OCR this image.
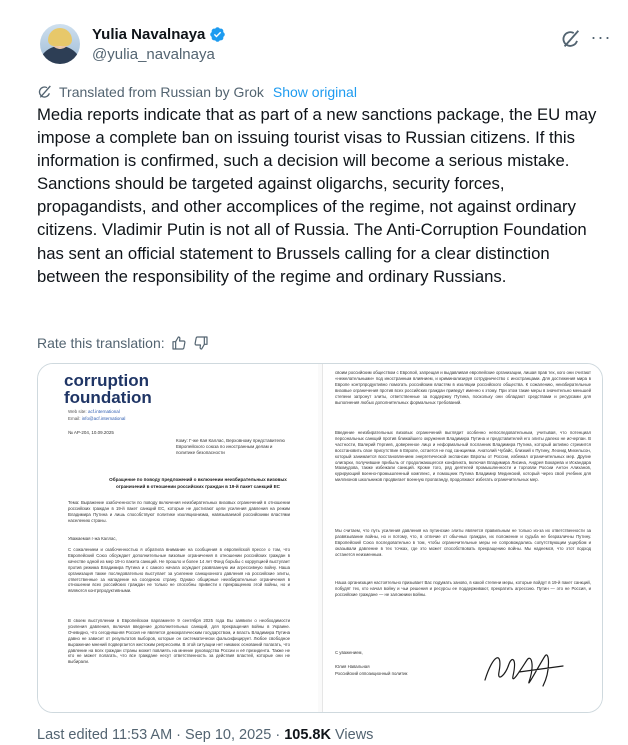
Yulia Navalnaya
@yulia_navalnaya
···
Translated from Russian by Grok Show original
Media reports indicate that as part of a new sanctions package, the EU may impose a complete ban on issuing tourist visas to Russian citizens. If this information is confirmed, such a decision will become a serious mistake. Sanctions should be targeted against oligarchs, security forces, propagandists, and other accomplices of the regime, not against ordinary citizens. Vladimir Putin is not all of Russia. The Anti-Corruption Foundation has sent an official statement to Brussels calling for a clear distinction between the responsibility of the regime and ordinary Russians.
Rate this translation:
corruption
foundation
Web site: acf.international
Email: info@acf.international
№ AP-204, 10.09.2025
Кому: Г-же Кая Каллас, Верховному представителю Европейского союза по иностранным делам и политике безопасности
Обращение по поводу предложений о включении неизбирательных визовых ограничений в отношении российских граждан в 19-й пакет санкций ЕС
Тема: Выражение озабоченности по поводу включения неизбирательных визовых ограничений в отношении российских граждан в 19-й пакет санкций ЕС, которые не достигают цели усиления давления на режим Владимира Путина и лишь способствуют политике изоляционизма, навязываемой российскими властями населению страны.
Уважаемая г-жа Каллас,
С сожалением и озабоченностью я обратила внимание на сообщения в европейской прессе о том, что Европейский Союз обсуждает дополнительные визовые ограничения в отношении российских граждан в качестве одной из мер 19-го пакета санкций. Не прошло и более 14 лет Фонд борьбы с коррупцией выступает против режима Владимира Путина и с самого начала осуждает развязанную им агрессивную войну. Наша организация также последовательно выступает за усиление санкционного давления на российские элиты, ответственные за нападение на соседнюю страну. Однако общирные неизбирательные ограничения в отношении всех российских граждан не только не способны привести к прекращению этой войны, но и являются контрпродуктивными.
В своем выступлении в Европейском парламенте 9 сентября 2025 года Вы заявили о необходимости усиления давления, включая введение дополнительных санкций, для прекращения войны в Украине. Очевидно, что сегодняшняя Россия не является демократическим государством, и власть Владимира Путина давно не зависит от результатов выборов, которые он систематически фальсифицирует. Любое свободное выражение мнений подвергается жестоким репрессиям. В этой ситуации нет никаких оснований полагать, что давление на всех граждан страны может повлиять на мнение руководства России и её президента. Также не кто не может полагать, что все граждане несут ответственность за действия властей, которые они не выбирали.
своим российским обществом с Европой, запрещая и выдавливая европейские организации, лишая прав тех, кого они считают «нежелательными» под иностранным влиянием, и криминализируя сотрудничество с иностранцами. Для достижения мира в Европе контрпродуктивно помогать российским властям в изоляции российского общества. К сожалению, неизбирательные визовые ограничения против всех российских граждан приведут именно к этому. При этом такие меры в значительно меньшей степени затронут элиты, ответственные за поддержку Путина, поскольку они обладают средствами и ресурсами для выполнения любых дополнительных формальных требований.
Введение неизбирательных визовых ограничений выглядит особенно непоследовательным, учитывая, что потенциал персональных санкций против ближайшего окружения Владимира Путина и представителей его элиты далеко не исчерпан. В частности, Валерий Гергиев, доверенное лицо и неформальный посланник Владимира Путина, который активно стремится восстановить свое присутствие в Европе, остается не под санкциями. Анатолий Чубайс, близкий к Путину, Леонид Михельсон, который занимается восстановлением энергетической экспансии Европы от России, избежал ограничительных мер. Другие олигархи, получившие прибыль от продолжающегося конфликта, включая Владимира Лисина, Андрея Бокарева и Искандара Махмудова, также избежали санкций. Кроме того, ряд деятелей промышленности и торговли России Антон Алиханов, курирующий военно-промышленный комплекс, и помощник Путина Владимир Мединский, который через свой учебник для миллионов школьников продвигает военную пропаганду, продолжают избегать ограничительных мер.
Мы считаем, что путь усиления давления на путинские элиты является правильным не только из-за их ответственности за развязывание войны, но и потому, что, в отличие от обычных граждан, их положение и судьба не безразличны Путину. Европейский Союз последовательно в том, чтобы ограничительные меры не сопровождались сопутствующим ущербом и оказывали давление в тех точках, где это может способствовать прекращению войны. Мы надеемся, что этот подход останется неизменным.
Наша организация настоятельно призывает Вас подумать заново, в какой степени меры, которые войдут в 19-й пакет санкций, побудят тех, кто начал войну и чьи решения и ресурсы ее поддерживают, прекратить агрессию. Путин — это не Россия, и российские граждане — не заложники войны.
С уважением,
Юлия Навальная
Российский оппозиционный политик
Last edited 11:53 AM · Sep 10, 2025 · 105.8K Views
